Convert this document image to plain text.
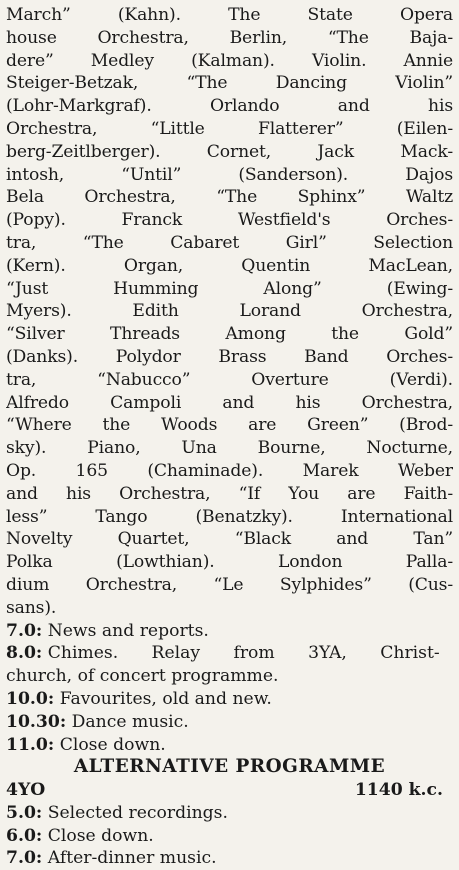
March” (Kahn). The State Opera
house Orchestra, Berlin, “The Baja-
dere” Medley (Kalman). Violin. Annie
Steiger-Betzak, “The Dancing Violin”
(Lohr-Markgraf). Orlando and his
Orchestra, “Little Flatterer” (Eilen-
berg-Zeitlberger). Cornet, Jack Mack-
intosh, “Until” (Sanderson). Dajos
Bela Orchestra, “The Sphinx” Waltz
(Popy). Franck Westfield's Orches-
tra, “The Cabaret Girl” Selection
(Kern). Organ, Quentin MacLean,
“Just Humming Along” (Ewing-
Myers). Edith Lorand Orchestra,
“Silver Threads Among the Gold”
(Danks). Polydor Brass Band Orches-
tra, “Nabucco” Overture (Verdi).
Alfredo Campoli and his Orchestra,
“Where the Woods are Green” (Brod-
sky). Piano, Una Bourne, Nocturne,
Op. 165 (Chaminade). Marek Weber
and his Orchestra, “If You are Faith-
less” Tango (Benatzky). International
Novelty Quartet, “Black and Tan”
Polka (Lowthian). London Palla-
dium Orchestra, “Le Sylphides” (Cus-
sans).

7.0: News and reports.

8.0: Chimes. Relay from 3YA, Christ-

church, of concert programme.

10.0: Favourites, old and new.

10.30: Dance music.

11.0: Close down.

ALTERNATIVE PROGRAMME

4YO	1140 k.c.

5.0: Selected recordings.

6.0: Close down.

7.0: After-dinner music.
